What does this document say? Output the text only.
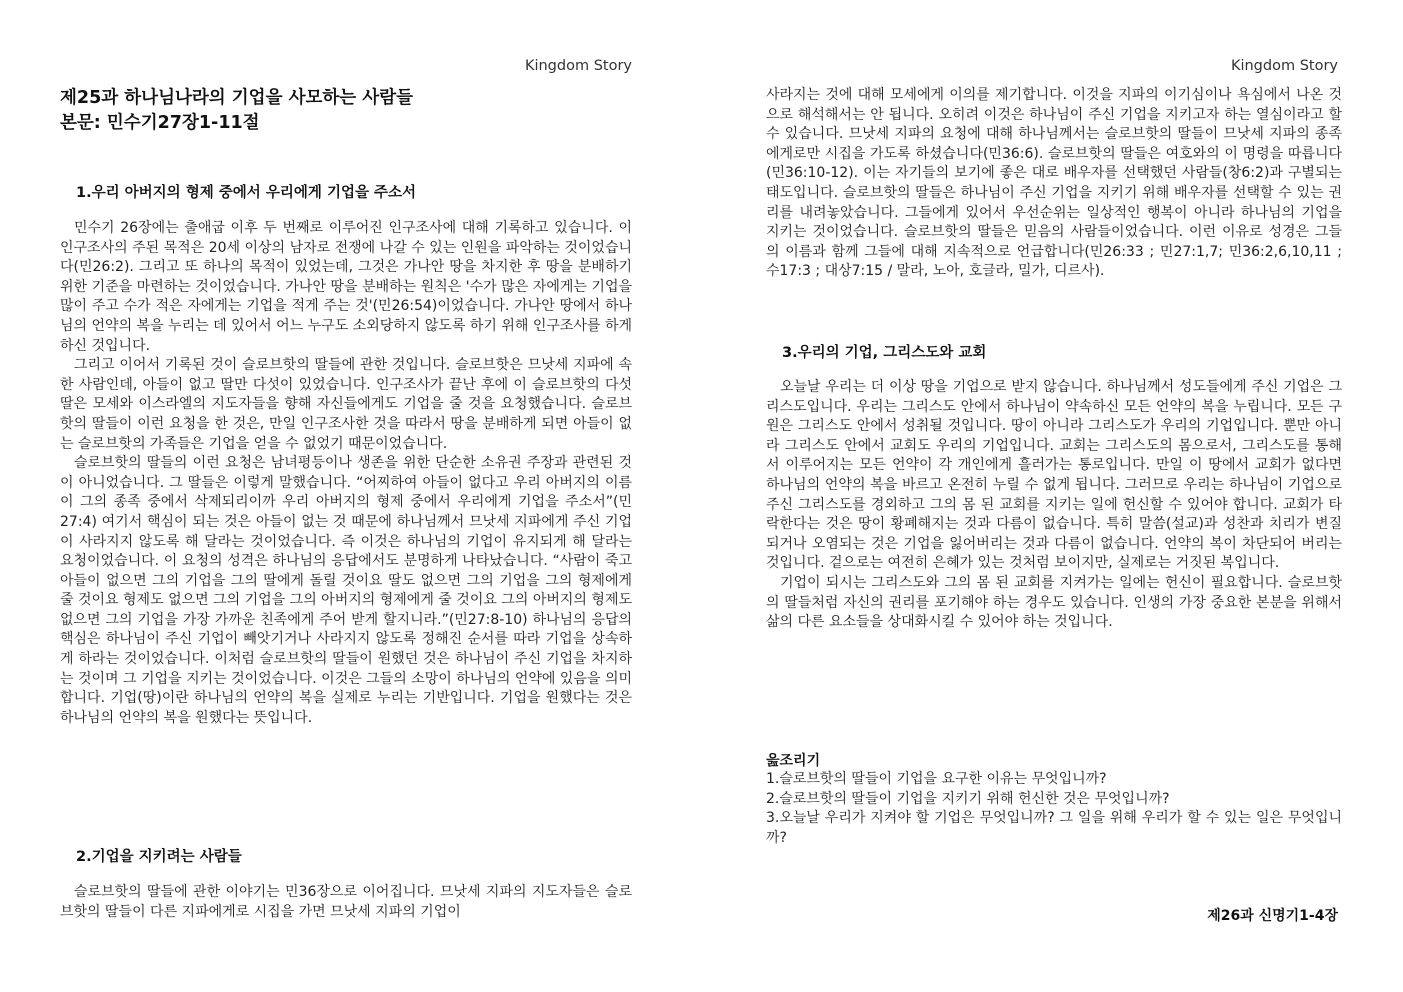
Kingdom Story
제25과 하나님나라의 기업을 사모하는 사람들
본문: 민수기27장1-11절
1.우리 아버지의 형제 중에서 우리에게 기업을 주소서

민수기 26장에는 출애굽 이후 두 번째로 이루어진 인구조사에 대해 기록하고 있습니다. 이 인구조사의 주된 목적은 20세 이상의 남자로 전쟁에 나갈 수 있는 인원을 파악하는 것이었습니다(민26:2). 그리고 또 하나의 목적이 있었는데, 그것은 가나안 땅을 차지한 후 땅을 분배하기 위한 기준을 마련하는 것이었습니다. 가나안 땅을 분배하는 원칙은 '수가 많은 자에게는 기업을 많이 주고 수가 적은 자에게는 기업을 적게 주는 것'(민26:54)이었습니다. 가나안 땅에서 하나님의 언약의 복을 누리는 데 있어서 어느 누구도 소외당하지 않도록 하기 위해 인구조사를 하게 하신 것입니다.

그리고 이어서 기록된 것이 슬로브핫의 딸들에 관한 것입니다. 슬로브핫은 므낫세 지파에 속한 사람인데, 아들이 없고 딸만 다섯이 있었습니다. 인구조사가 끝난 후에 이 슬로브핫의 다섯 딸은 모세와 이스라엘의 지도자들을 향해 자신들에게도 기업을 줄 것을 요청했습니다. 슬로브핫의 딸들이 이런 요청을 한 것은, 만일 인구조사한 것을 따라서 땅을 분배하게 되면 아들이 없는 슬로브핫의 가족들은 기업을 얻을 수 없었기 때문이었습니다.

슬로브핫의 딸들의 이런 요청은 남녀평등이나 생존을 위한 단순한 소유권 주장과 관련된 것이 아니었습니다. 그 딸들은 이렇게 말했습니다. “어찌하여 아들이 없다고 우리 아버지의 이름이 그의 종족 중에서 삭제되리이까 우리 아버지의 형제 중에서 우리에게 기업을 주소서”(민27:4) 여기서 핵심이 되는 것은 아들이 없는 것 때문에 하나님께서 므낫세 지파에게 주신 기업이 사라지지 않도록 해 달라는 것이었습니다. 즉 이것은 하나님의 기업이 유지되게 해 달라는 요청이었습니다. 이 요청의 성격은 하나님의 응답에서도 분명하게 나타났습니다. “사람이 죽고 아들이 없으면 그의 기업을 그의 딸에게 돌릴 것이요 딸도 없으면 그의 기업을 그의 형제에게 줄 것이요 형제도 없으면 그의 기업을 그의 아버지의 형제에게 줄 것이요 그의 아버지의 형제도 없으면 그의 기업을 가장 가까운 친족에게 주어 받게 할지니라.”(민27:8-10) 하나님의 응답의 핵심은 하나님이 주신 기업이 빼앗기거나 사라지지 않도록 정해진 순서를 따라 기업을 상속하게 하라는 것이었습니다. 이처럼 슬로브핫의 딸들이 원했던 것은 하나님이 주신 기업을 차지하는 것이며 그 기업을 지키는 것이었습니다. 이것은 그들의 소망이 하나님의 언약에 있음을 의미합니다. 기업(땅)이란 하나님의 언약의 복을 실제로 누리는 기반입니다. 기업을 원했다는 것은 하나님의 언약의 복을 원했다는 뜻입니다.

2.기업을 지키려는 사람들

슬로브핫의 딸들에 관한 이야기는 민36장으로 이어집니다. 므낫세 지파의 지도자들은 슬로브핫의 딸들이 다른 지파에게로 시집을 가면 므낫세 지파의 기업이

Kingdom Story

사라지는 것에 대해 모세에게 이의를 제기합니다. 이것을 지파의 이기심이나 욕심에서 나온 것으로 해석해서는 안 됩니다. 오히려 이것은 하나님이 주신 기업을 지키고자 하는 열심이라고 할 수 있습니다. 므낫세 지파의 요청에 대해 하나님께서는 슬로브핫의 딸들이 므낫세 지파의 종족에게로만 시집을 가도록 하셨습니다(민36:6). 슬로브핫의 딸들은 여호와의 이 명령을 따릅니다(민36:10-12). 이는 자기들의 보기에 좋은 대로 배우자를 선택했던 사람들(창6:2)과 구별되는 태도입니다. 슬로브핫의 딸들은 하나님이 주신 기업을 지키기 위해 배우자를 선택할 수 있는 권리를 내려놓았습니다. 그들에게 있어서 우선순위는 일상적인 행복이 아니라 하나님의 기업을 지키는 것이었습니다. 슬로브핫의 딸들은 믿음의 사람들이었습니다. 이런 이유로 성경은 그들의 이름과 함께 그들에 대해 지속적으로 언급합니다(민26:33 ; 민27:1,7; 민36:2,6,10,11 ; 수17:3 ; 대상7:15 / 말라, 노아, 호글라, 밀가, 디르사).

3.우리의 기업, 그리스도와 교회

오늘날 우리는 더 이상 땅을 기업으로 받지 않습니다. 하나님께서 성도들에게 주신 기업은 그리스도입니다. 우리는 그리스도 안에서 하나님이 약속하신 모든 언약의 복을 누립니다. 모든 구원은 그리스도 안에서 성취될 것입니다. 땅이 아니라 그리스도가 우리의 기업입니다. 뿐만 아니라 그리스도 안에서 교회도 우리의 기업입니다. 교회는 그리스도의 몸으로서, 그리스도를 통해서 이루어지는 모든 언약이 각 개인에게 흘러가는 통로입니다. 만일 이 땅에서 교회가 없다면 하나님의 언약의 복을 바르고 온전히 누릴 수 없게 됩니다. 그러므로 우리는 하나님이 기업으로 주신 그리스도를 경외하고 그의 몸 된 교회를 지키는 일에 헌신할 수 있어야 합니다. 교회가 타락한다는 것은 땅이 황폐해지는 것과 다름이 없습니다. 특히 말씀(설교)과 성찬과 치리가 변질되거나 오염되는 것은 기업을 잃어버리는 것과 다름이 없습니다. 언약의 복이 차단되어 버리는 것입니다. 겉으로는 여전히 은혜가 있는 것처럼 보이지만, 실제로는 거짓된 복입니다.

기업이 되시는 그리스도와 그의 몸 된 교회를 지켜가는 일에는 헌신이 필요합니다. 슬로브핫의 딸들처럼 자신의 권리를 포기해야 하는 경우도 있습니다. 인생의 가장 중요한 본분을 위해서 삶의 다른 요소들을 상대화시킬 수 있어야 하는 것입니다.

읊조리기

1.슬로브핫의 딸들이 기업을 요구한 이유는 무엇입니까?

2.슬로브핫의 딸들이 기업을 지키기 위해 헌신한 것은 무엇입니까?

3.오늘날 우리가 지켜야 할 기업은 무엇입니까? 그 일을 위해 우리가 할 수 있는 일은 무엇입니까?

제26과 신명기1-4장
